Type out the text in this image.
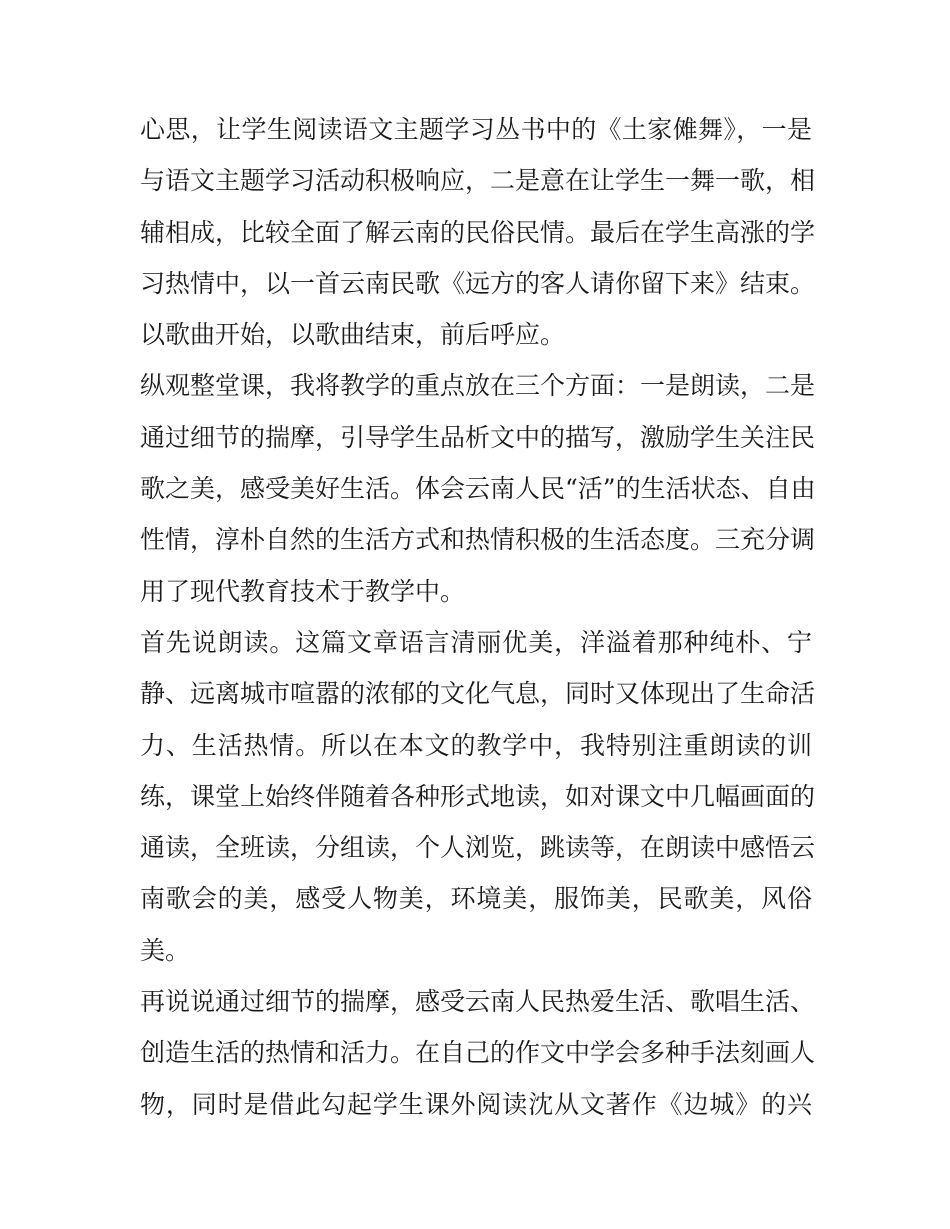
心思，让学生阅读语文主题学习丛书中的《土家傩舞》，一是
与语文主题学习活动积极响应，二是意在让学生一舞一歌，相
辅相成，比较全面了解云南的民俗民情。最后在学生高涨的学
习热情中，以一首云南民歌《远方的客人请你留下来》结束。
以歌曲开始，以歌曲结束，前后呼应。
纵观整堂课，我将教学的重点放在三个方面：一是朗读，二是
通过细节的揣摩，引导学生品析文中的描写，激励学生关注民
歌之美，感受美好生活。体会云南人民“活”的生活状态、自由
性情，淳朴自然的生活方式和热情积极的生活态度。三充分调
用了现代教育技术于教学中。
首先说朗读。这篇文章语言清丽优美，洋溢着那种纯朴、宁
静、远离城市喧嚣的浓郁的文化气息，同时又体现出了生命活
力、生活热情。所以在本文的教学中，我特别注重朗读的训
练，课堂上始终伴随着各种形式地读，如对课文中几幅画面的
通读，全班读，分组读，个人浏览，跳读等，在朗读中感悟云
南歌会的美，感受人物美，环境美，服饰美，民歌美，风俗
美。
再说说通过细节的揣摩，感受云南人民热爱生活、歌唱生活、
创造生活的热情和活力。在自己的作文中学会多种手法刻画人
物，同时是借此勾起学生课外阅读沈从文著作《边城》的兴
